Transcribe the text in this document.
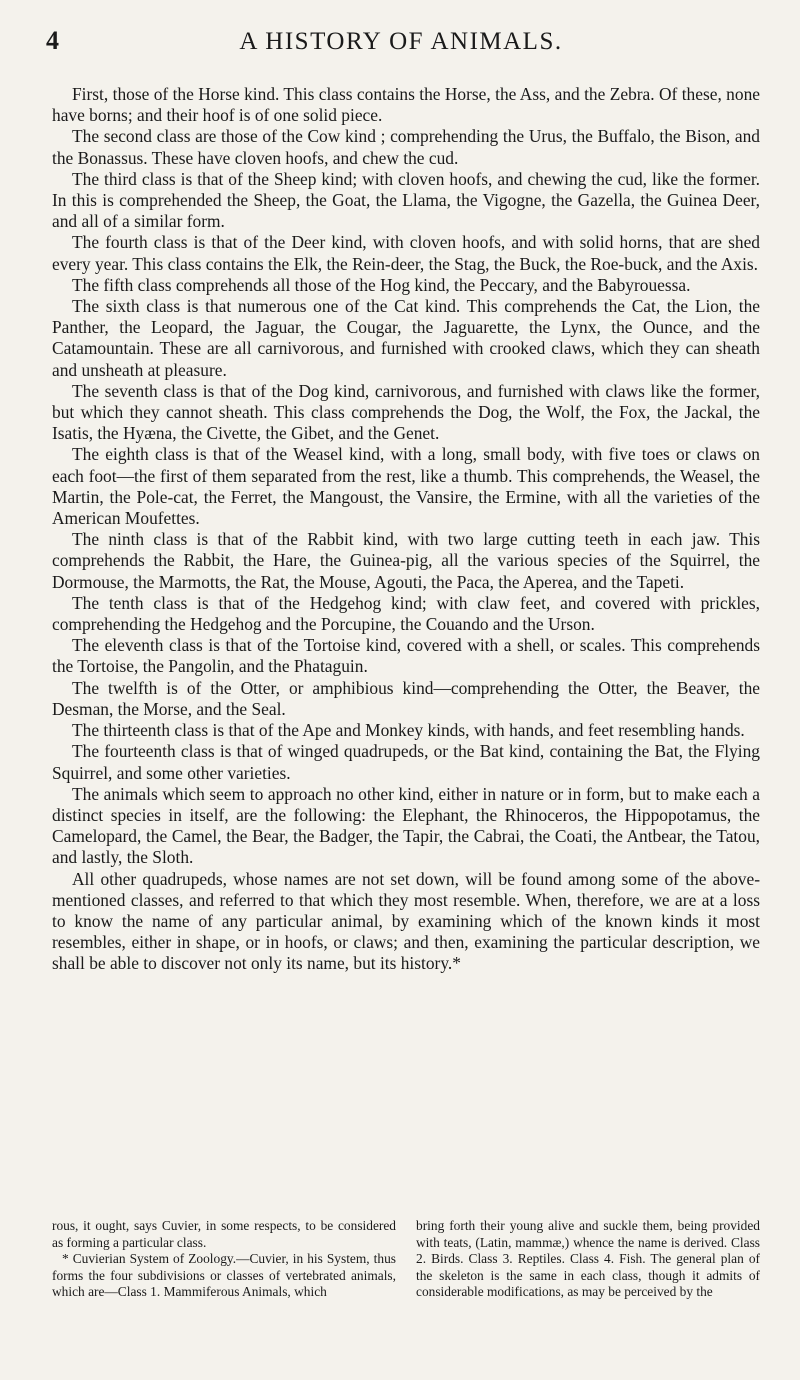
4	A HISTORY OF ANIMALS.

First, those of the Horse kind. This class contains the Horse, the Ass, and the Zebra. Of these, none have borns; and their hoof is of one solid piece.

The second class are those of the Cow kind ; comprehending the Urus, the Buffalo, the Bison, and the Bonassus. These have cloven hoofs, and chew the cud.

The third class is that of the Sheep kind; with cloven hoofs, and chewing the cud, like the former. In this is comprehended the Sheep, the Goat, the Llama, the Vigogne, the Gazella, the Guinea Deer, and all of a similar form.

The fourth class is that of the Deer kind, with cloven hoofs, and with solid horns, that are shed every year. This class contains the Elk, the Rein-deer, the Stag, the Buck, the Roe-buck, and the Axis.

The fifth class comprehends all those of the Hog kind, the Peccary, and the Babyrouessa.

The sixth class is that numerous one of the Cat kind. This comprehends the Cat, the Lion, the Panther, the Leopard, the Jaguar, the Cougar, the Jaguarette, the Lynx, the Ounce, and the Catamountain. These are all carnivorous, and furnished with crooked claws, which they can sheath and unsheath at pleasure.

The seventh class is that of the Dog kind, carnivorous, and furnished with claws like the former, but which they cannot sheath. This class comprehends the Dog, the Wolf, the Fox, the Jackal, the Isatis, the Hyæna, the Civette, the Gibet, and the Genet.

The eighth class is that of the Weasel kind, with a long, small body, with five toes or claws on each foot—the first of them separated from the rest, like a thumb. This comprehends, the Weasel, the Martin, the Pole-cat, the Ferret, the Mangoust, the Vansire, the Ermine, with all the varieties of the American Moufettes.

The ninth class is that of the Rabbit kind, with two large cutting teeth in each jaw. This comprehends the Rabbit, the Hare, the Guinea-pig, all the various species of the Squirrel, the Dormouse, the Marmotts, the Rat, the Mouse, Agouti, the Paca, the Aperea, and the Tapeti.

The tenth class is that of the Hedgehog kind; with claw feet, and covered with prickles, comprehending the Hedgehog and the Porcupine, the Couando and the Urson.

The eleventh class is that of the Tortoise kind, covered with a shell, or scales. This comprehends the Tortoise, the Pangolin, and the Phataguin.

The twelfth is of the Otter, or amphibious kind—comprehending the Otter, the Beaver, the Desman, the Morse, and the Seal.

The thirteenth class is that of the Ape and Monkey kinds, with hands, and feet resembling hands.

The fourteenth class is that of winged quadrupeds, or the Bat kind, containing the Bat, the Flying Squirrel, and some other varieties.

The animals which seem to approach no other kind, either in nature or in form, but to make each a distinct species in itself, are the following: the Elephant, the Rhinoceros, the Hippopotamus, the Camelopard, the Camel, the Bear, the Badger, the Tapir, the Cabrai, the Coati, the Antbear, the Tatou, and lastly, the Sloth.

All other quadrupeds, whose names are not set down, will be found among some of the above-mentioned classes, and referred to that which they most resemble. When, therefore, we are at a loss to know the name of any particular animal, by examining which of the known kinds it most resembles, either in shape, or in hoofs, or claws; and then, examining the particular description, we shall be able to discover not only its name, but its history.*

rous, it ought, says Cuvier, in some respects, to be considered as forming a particular class.

* Cuvierian System of Zoology.—Cuvier, in his System, thus forms the four subdivisions or classes of vertebrated animals, which are—Class 1. Mammiferous Animals, which

bring forth their young alive and suckle them, being provided with teats, (Latin, mammæ,) whence the name is derived. Class 2. Birds. Class 3. Reptiles. Class 4. Fish. The general plan of the skeleton is the same in each class, though it admits of considerable modifications, as may be perceived by the
